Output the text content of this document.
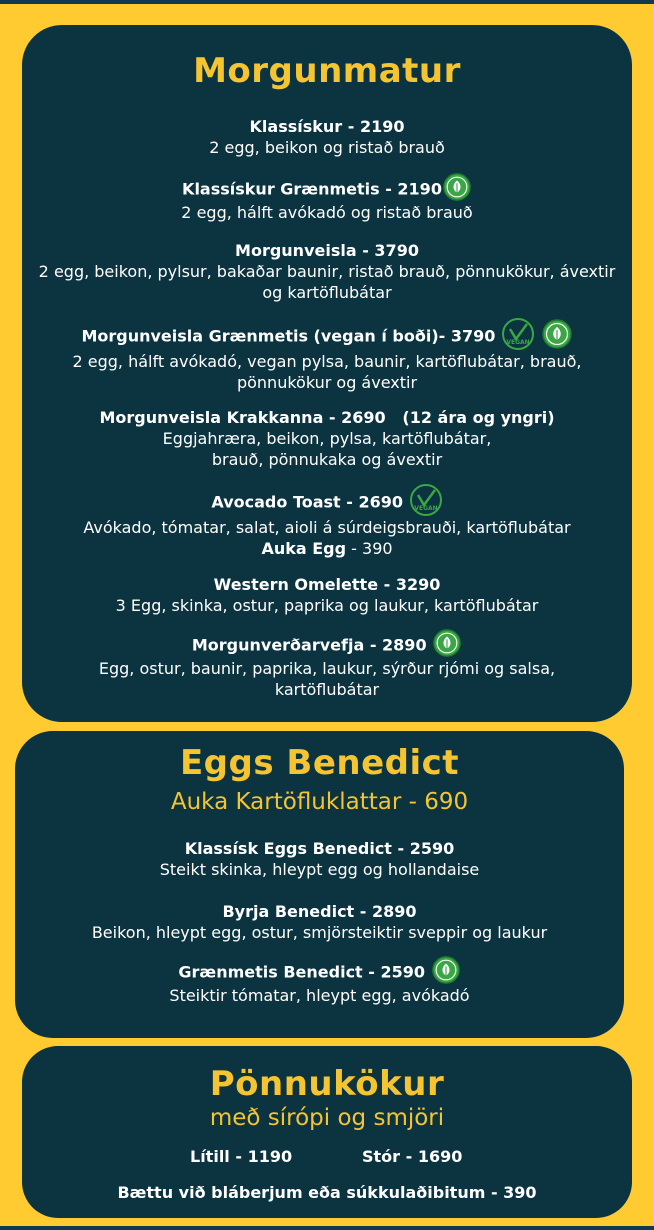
Morgunmatur
Klassískur - 2190
2 egg, beikon og ristað brauð
Klassískur Grænmetis - 2190
2 egg, hálft avókadó og ristað brauð
Morgunveisla - 3790
2 egg, beikon, pylsur, bakaðar baunir, ristað brauð, pönnukökur, ávextir og kartöflubátar
Morgunveisla Grænmetis (vegan í boði)- 3790 VEGAN

2 egg, hálft avókadó, vegan pylsa, baunir, kartöflubátar, brauð, pönnukökur og ávextir
Morgunveisla Krakkanna - 2690   (12 ára og yngri)
Eggjahræra, beikon, pylsa, kartöflubátar, brauð, pönnukaka og ávextir
Avocado Toast - 2690 VEGAN
Avókado, tómatar, salat, aioli á súrdeigsbrauði, kartöflubátar
Auka Egg - 390
Western Omelette - 3290
3 Egg, skinka, ostur, paprika og laukur, kartöflubátar
Morgunverðarvefja - 2890
Egg, ostur, baunir, paprika, laukur, sýrður rjómi og salsa, kartöflubátar
Eggs Benedict
Auka Kartöfluklattar - 690
Klassísk Eggs Benedict - 2590
Steikt skinka, hleypt egg og hollandaise
Byrja Benedict - 2890
Beikon, hleypt egg, ostur, smjörsteiktir sveppir og laukur
Grænmetis Benedict - 2590
Steiktir tómatar, hleypt egg, avókadó
Pönnukökur
með sírópi og smjöri
Lítill - 1190	Stór - 1690
Bættu við bláberjum eða súkkulaðibitum - 390
